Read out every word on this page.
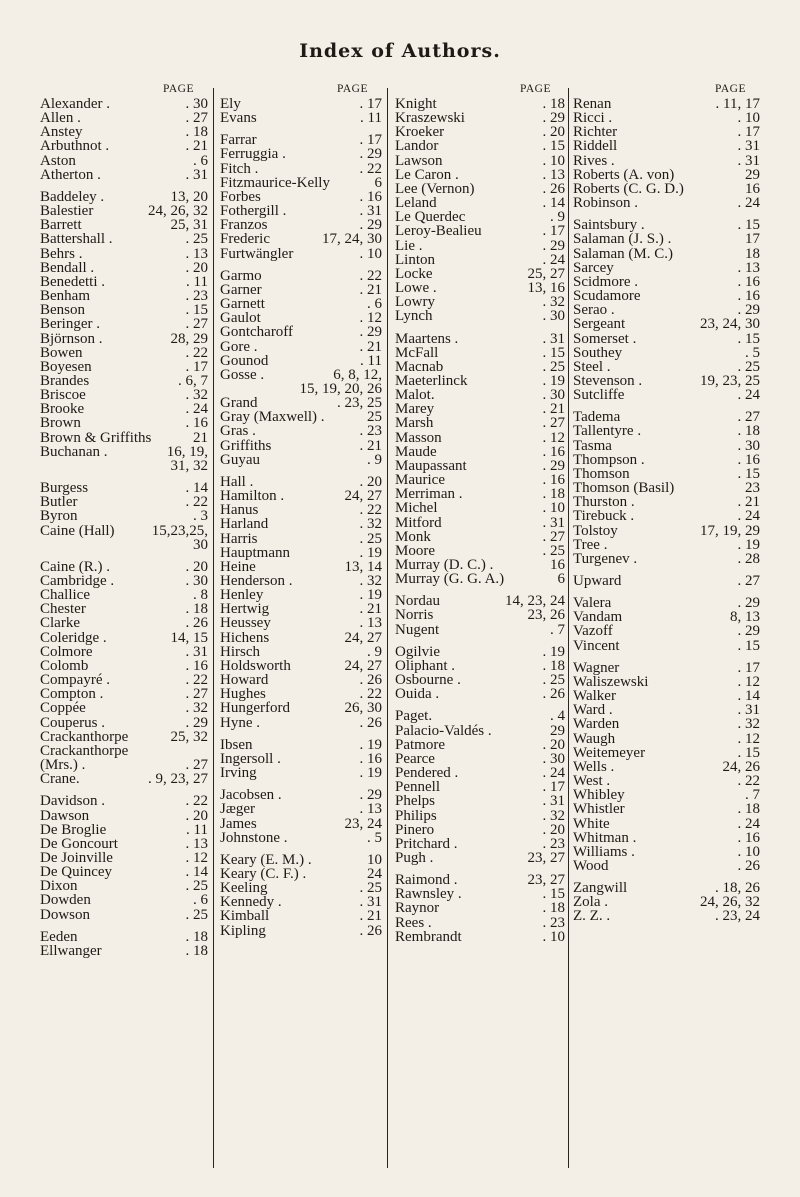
Index of Authors.
PAGE
Alexander .	. 30
Allen .	. 27
Anstey	. 18
Arbuthnot .	. 21
Aston	. 6
Atherton .	. 31
Baddeley .	13, 20
Balestier	24, 26, 32
Barrett	25, 31
Battershall .	. 25
Behrs .	. 13
Bendall .	. 20
Benedetti .	. 11
Benham	. 23
Benson	. 15
Beringer .	. 27
Björnson .	28, 29
Bowen	. 22
Boyesen	. 17
Brandes	. 6, 7
Briscoe	. 32
Brooke	. 24
Brown	. 16
Brown & Griffiths	21
Buchanan .	16, 19,
31, 32
Burgess	. 14
Butler	. 22
Byron	. 3
Caine (Hall) 15,23,25,
30
Caine (R.) .	. 20
Cambridge .	. 30
Challice	. 8
Chester	. 18
Clarke	. 26
Coleridge .	14, 15
Colmore	. 31
Colomb	. 16
Compayré .	. 22
Compton .	. 27
Coppée	. 32
Couperus .	. 29
Crackanthorpe	25, 32
Crackanthorpe
(Mrs.) .	. 27
Crane.	. 9, 23, 27
Davidson .	. 22
Dawson	. 20
De Broglie	. 11
De Goncourt	. 13
De Joinville	. 12
De Quincey	. 14
Dixon	. 25
Dowden	. 6
Dowson	. 25
Eeden	. 18
Ellwanger	. 18
PAGE
Ely	. 17
Evans	. 11
Farrar	. 17
Ferruggia .	. 29
Fitch .	. 22
Fitzmaurice-Kelly	6
Forbes	. 16
Fothergill .	. 31
Franzos	. 29
Frederic	17, 24, 30
Furtwängler	. 10
Garmo	. 22
Garner	. 21
Garnett	. 6
Gaulot	. 12
Gontcharoff	. 29
Gore .	. 21
Gounod	. 11
Gosse .	6, 8, 12,
15, 19, 20, 26
Grand	. 23, 25
Gray (Maxwell) .	25
Gras .	. 23
Griffiths	. 21
Guyau	. 9
Hall .	. 20
Hamilton .	24, 27
Hanus	. 22
Harland	. 32
Harris	. 25
Hauptmann	. 19
Heine	13, 14
Henderson .	. 32
Henley	. 19
Hertwig	. 21
Heussey	. 13
Hichens	24, 27
Hirsch	. 9
Holdsworth	24, 27
Howard	. 26
Hughes	. 22
Hungerford	26, 30
Hyne .	. 26
Ibsen	. 19
Ingersoll .	. 16
Irving	. 19
Jacobsen .	. 29
Jæger	. 13
James	23, 24
Johnstone .	. 5
Keary (E. M.) .	10
Keary (C. F.) .	24
Keeling	. 25
Kennedy .	. 31
Kimball	. 21
Kipling	. 26
PAGE
Knight	. 18
Kraszewski	. 29
Kroeker	. 20
Landor	. 15
Lawson	. 10
Le Caron .	. 13
Lee (Vernon)	. 26
Leland	. 14
Le Querdec	. 9
Leroy-Bealieu	. 17
Lie .	. 29
Linton	. 24
Locke	25, 27
Lowe .	13, 16
Lowry	. 32
Lynch	. 30
Maartens .	. 31
McFall	. 15
Macnab	. 25
Maeterlinck	. 19
Malot.	. 30
Marey	. 21
Marsh	. 27
Masson	. 12
Maude	. 16
Maupassant	. 29
Maurice	. 16
Merriman .	. 18
Michel	. 10
Mitford	. 31
Monk	. 27
Moore	. 25
Murray (D. C.) .	16
Murray (G. G. A.)	6
Nordau	14, 23, 24
Norris	23, 26
Nugent	. 7
Ogilvie	. 19
Oliphant .	. 18
Osbourne .	. 25
Ouida .	. 26
Paget.	. 4
Palacio-Valdés .	29
Patmore	. 20
Pearce	. 30
Pendered .	. 24
Pennell	. 17
Phelps	. 31
Philips	. 32
Pinero	. 20
Pritchard .	. 23
Pugh .	23, 27
Raimond .	23, 27
Rawnsley .	. 15
Raynor	. 18
Rees .	. 23
Rembrandt	. 10
PAGE
Renan	. 11, 17
Ricci .	. 10
Richter	. 17
Riddell	. 31
Rives .	. 31
Roberts (A. von)	29
Roberts (C. G. D.)	16
Robinson .	. 24
Saintsbury .	. 15
Salaman (J. S.) .	17
Salaman (M. C.)	18
Sarcey	. 13
Scidmore .	. 16
Scudamore	. 16
Serao .	. 29
Sergeant	23, 24, 30
Somerset .	. 15
Southey	. 5
Steel .	. 25
Stevenson .	19, 23, 25
Sutcliffe	. 24
Tadema	. 27
Tallentyre .	. 18
Tasma	. 30
Thompson .	. 16
Thomson	. 15
Thomson (Basil)	23
Thurston .	. 21
Tirebuck .	. 24
Tolstoy	17, 19, 29
Tree .	. 19
Turgenev .	. 28
Upward	. 27
Valera	. 29
Vandam	8, 13
Vazoff	. 29
Vincent	. 15
Wagner	. 17
Waliszewski	. 12
Walker	. 14
Ward .	. 31
Warden	. 32
Waugh	. 12
Weitemeyer	. 15
Wells .	24, 26
West .	. 22
Whibley	. 7
Whistler	. 18
White	. 24
Whitman .	. 16
Williams .	. 10
Wood	. 26
Zangwill	. 18, 26
Zola .	24, 26, 32
Z. Z. .	. 23, 24
